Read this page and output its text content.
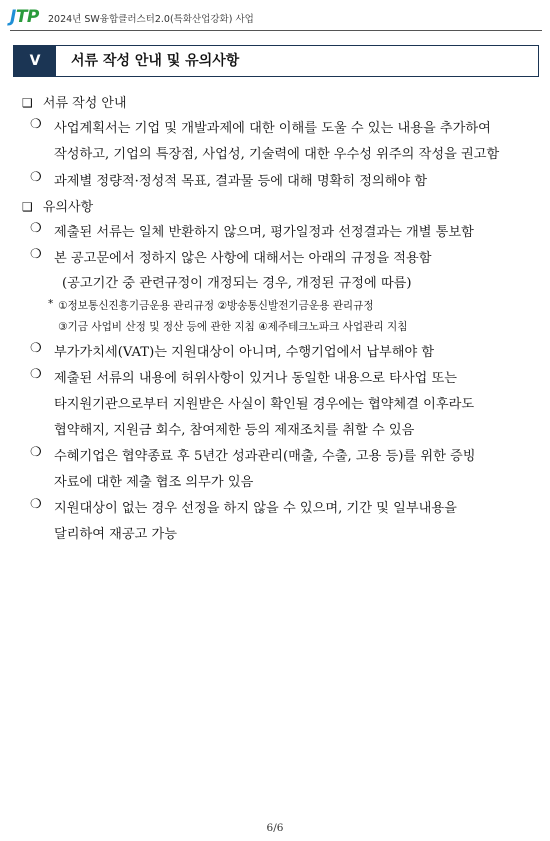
JTP 2024년 SW융합클러스터2.0(특화산업강화) 사업
V	서류 작성 안내 및 유의사항
❑ 서류 작성 안내
❍ 사업계획서는 기업 및 개발과제에 대한 이해를 도울 수 있는 내용을 추가하여
작성하고, 기업의 특장점, 사업성, 기술력에 대한 우수성 위주의 작성을 권고함
❍ 과제별 정량적·정성적 목표, 결과물 등에 대해 명확히 정의해야 함
❑ 유의사항
❍ 제출된 서류는 일체 반환하지 않으며, 평가일정과 선정결과는 개별 통보함
❍ 본 공고문에서 정하지 않은 사항에 대해서는 아래의 규정을 적용함
(공고기간 중 관련규정이 개정되는 경우, 개정된 규정에 따름)
* ①정보통신진흥기금운용 관리규정 ②방송통신발전기금운용 관리규정
③기금 사업비 산정 및 정산 등에 관한 지침 ④제주테크노파크 사업관리 지침
❍ 부가가치세(VAT)는 지원대상이 아니며, 수행기업에서 납부해야 함
❍ 제출된 서류의 내용에 허위사항이 있거나 동일한 내용으로 타사업 또는
타지원기관으로부터 지원받은 사실이 확인될 경우에는 협약체결 이후라도
협약해지, 지원금 회수, 참여제한 등의 제재조치를 취할 수 있음
❍ 수혜기업은 협약종료 후 5년간 성과관리(매출, 수출, 고용 등)를 위한 증빙
자료에 대한 제출 협조 의무가 있음
❍ 지원대상이 없는 경우 선정을 하지 않을 수 있으며, 기간 및 일부내용을
달리하여 재공고 가능
6/6
